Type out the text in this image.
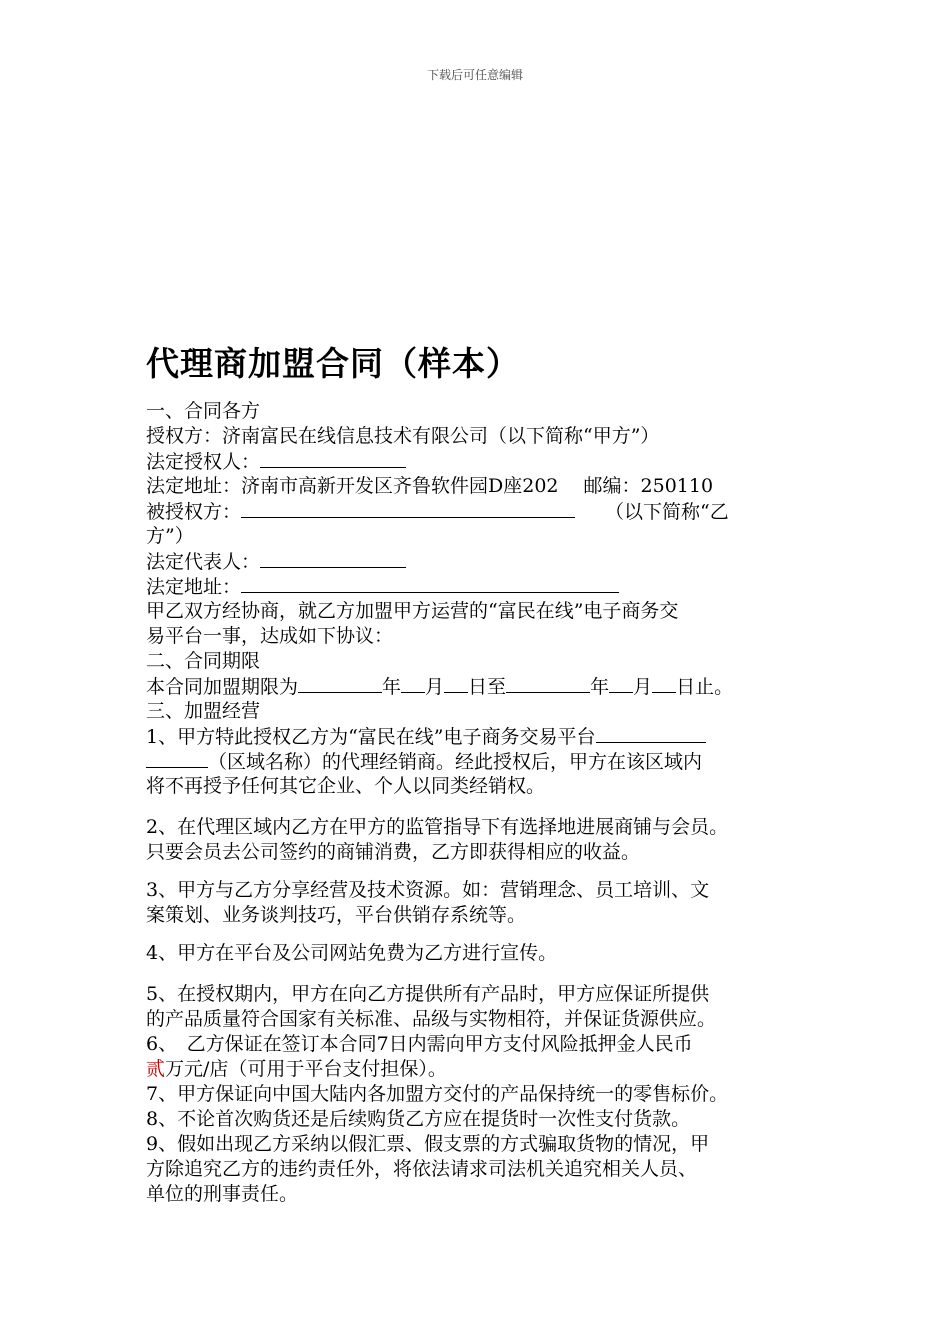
下载后可任意编辑
代理商加盟合同（样本）
一、合同各方
授权方：济南富民在线信息技术有限公司（以下简称“甲方”）
法定授权人：
法定地址：济南市高新开发区齐鲁软件园D座202　 邮编：250110
被授权方：	（以下简称“乙
方”）
法定代表人：
法定地址：
甲乙双方经协商，就乙方加盟甲方运营的“富民在线”电子商务交
易平台一事，达成如下协议：
二、合同期限
本合同加盟期限为	年 月 日至	年 月 日止。
三、加盟经营
1、甲方特此授权乙方为“富民在线”电子商务交易平台
（区域名称）的代理经销商。经此授权后，甲方在该区域内
将不再授予任何其它企业、个人以同类经销权。
2、在代理区域内乙方在甲方的监管指导下有选择地进展商铺与会员。
只要会员去公司签约的商铺消费，乙方即获得相应的收益。
3、甲方与乙方分享经营及技术资源。如：营销理念、员工培训、文
案策划、业务谈判技巧，平台供销存系统等。
4、甲方在平台及公司网站免费为乙方进行宣传。
5、在授权期内，甲方在向乙方提供所有产品时，甲方应保证所提供
的产品质量符合国家有关标准、品级与实物相符，并保证货源供应。
6、　乙方保证在签订本合同7日内需向甲方支付风险抵押金人民币
贰万元/店（可用于平台支付担保）。
7、甲方保证向中国大陆内各加盟方交付的产品保持统一的零售标价。
8、不论首次购货还是后续购货乙方应在提货时一次性支付货款。
9、假如出现乙方采纳以假汇票、假支票的方式骗取货物的情况，甲
方除追究乙方的违约责任外，将依法请求司法机关追究相关人员、
单位的刑事责任。
